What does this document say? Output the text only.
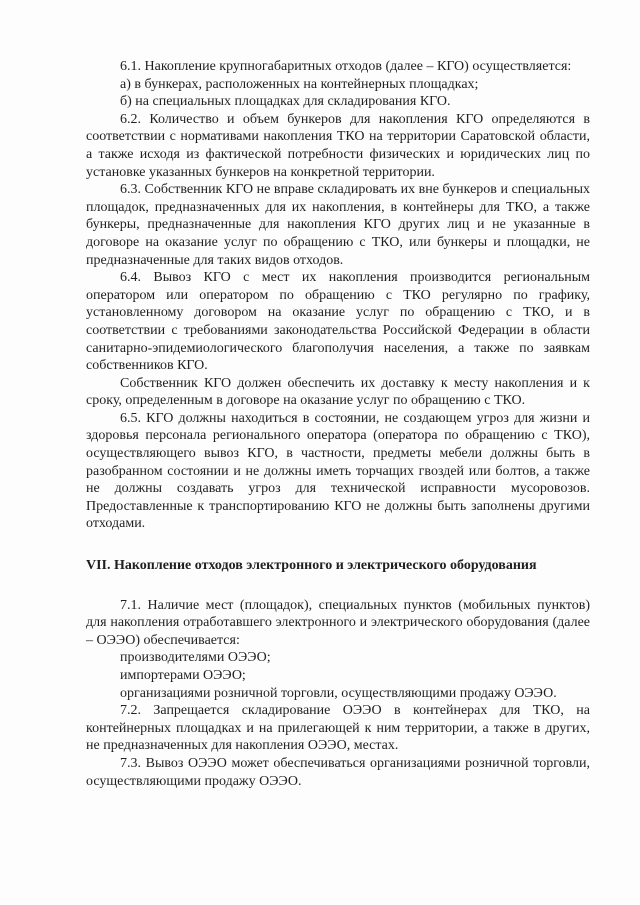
6.1. Накопление крупногабаритных отходов (далее – КГО) осуществляется:

а) в бункерах, расположенных на контейнерных площадках;

б) на специальных площадках для складирования КГО.

6.2. Количество и объем бункеров для накопления КГО определяются в соответствии с нормативами накопления ТКО на территории Саратовской области, а также исходя из фактической потребности физических и юридических лиц по установке указанных бункеров на конкретной территории.

6.3. Собственник КГО не вправе складировать их вне бункеров и специальных площадок, предназначенных для их накопления, в контейнеры для ТКО, а также бункеры, предназначенные для накопления КГО других лиц и не указанные в договоре на оказание услуг по обращению с ТКО, или бункеры и площадки, не предназначенные для таких видов отходов.

6.4. Вывоз КГО с мест их накопления производится региональным оператором или оператором по обращению с ТКО регулярно по графику, установленному договором на оказание услуг по обращению с ТКО, и в соответствии с требованиями законодательства Российской Федерации в области санитарно-эпидемиологического благополучия населения, а также по заявкам собственников КГО.

Собственник КГО должен обеспечить их доставку к месту накопления и к сроку, определенным в договоре на оказание услуг по обращению с ТКО.

6.5. КГО должны находиться в состоянии, не создающем угроз для жизни и здоровья персонала регионального оператора (оператора по обращению с ТКО), осуществляющего вывоз КГО, в частности, предметы мебели должны быть в разобранном состоянии и не должны иметь торчащих гвоздей или болтов, а также не должны создавать угроз для технической исправности мусоровозов. Предоставленные к транспортированию КГО не должны быть заполнены другими отходами.

VII. Накопление отходов электронного и электрического оборудования

7.1. Наличие мест (площадок), специальных пунктов (мобильных пунктов) для накопления отработавшего электронного и электрического оборудования (далее – ОЭЭО) обеспечивается:

производителями ОЭЭО;

импортерами ОЭЭО;

организациями розничной торговли, осуществляющими продажу ОЭЭО.

7.2. Запрещается складирование ОЭЭО в контейнерах для ТКО, на контейнерных площадках и на прилегающей к ним территории, а также в других, не предназначенных для накопления ОЭЭО, местах.

7.3. Вывоз ОЭЭО может обеспечиваться организациями розничной торговли, осуществляющими продажу ОЭЭО.
